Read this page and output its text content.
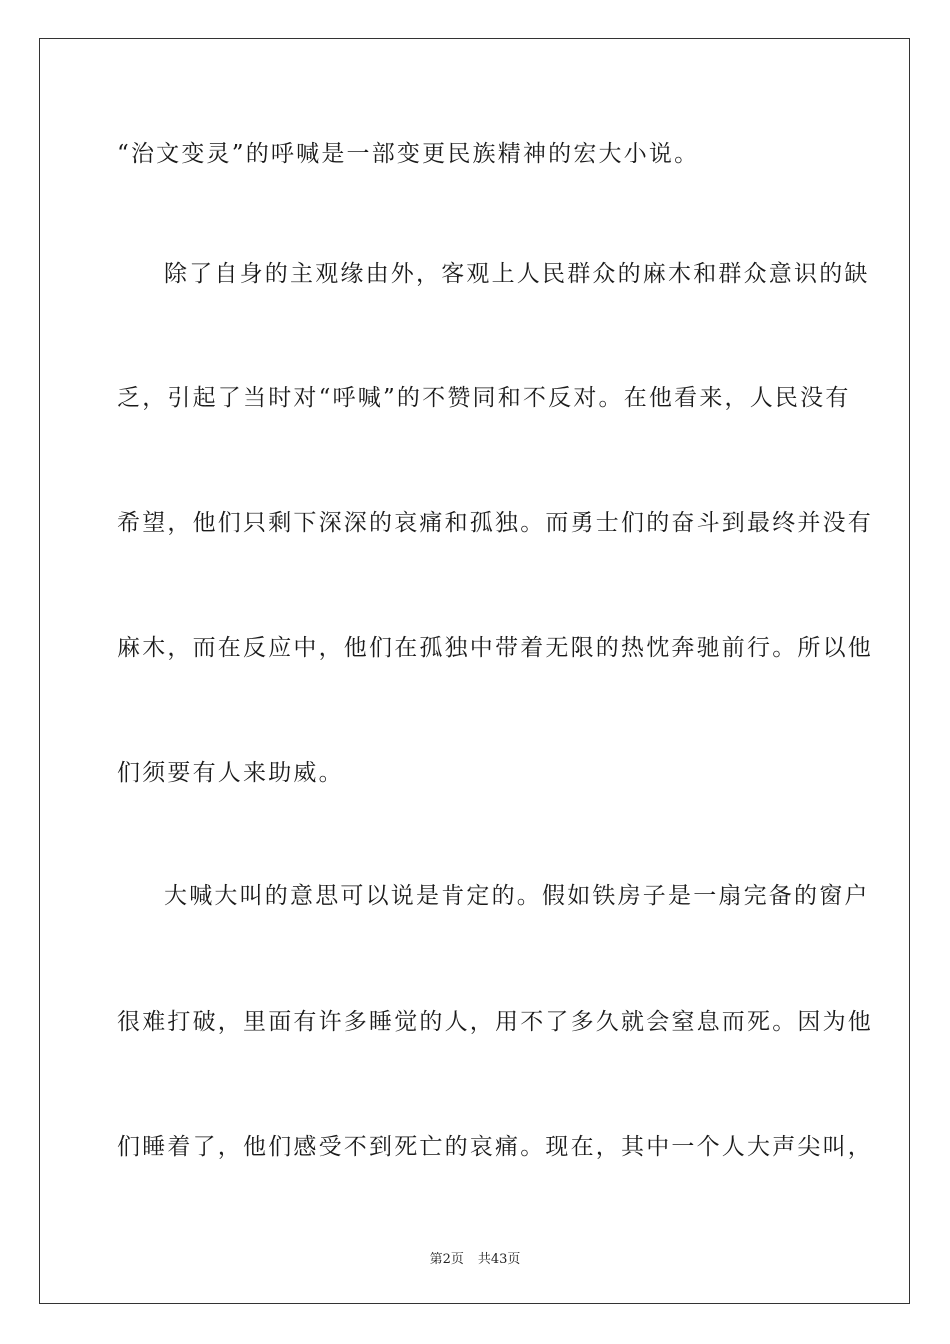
“治文变灵”的呼喊是一部变更民族精神的宏大小说。
除了自身的主观缘由外，客观上人民群众的麻木和群众意识的缺
乏，引起了当时对“呼喊”的不赞同和不反对。在他看来，人民没有
希望，他们只剩下深深的哀痛和孤独。而勇士们的奋斗到最终并没有
麻木，而在反应中，他们在孤独中带着无限的热忱奔驰前行。所以他
们须要有人来助威。
大喊大叫的意思可以说是肯定的。假如铁房子是一扇完备的窗户
很难打破，里面有许多睡觉的人，用不了多久就会窒息而死。因为他
们睡着了，他们感受不到死亡的哀痛。现在，其中一个人大声尖叫，
第2页 共43页
